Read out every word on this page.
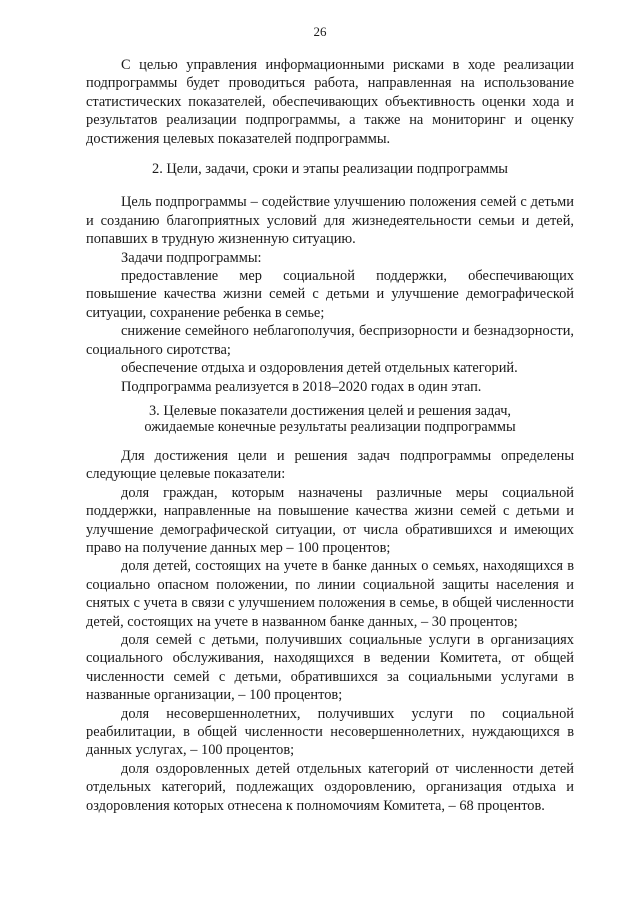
26

С целью управления информационными рисками в ходе реализации подпрограммы будет проводиться работа, направленная на использование статистических показателей, обеспечивающих объективность оценки хода и результатов реализации подпрограммы, а также на мониторинг и оценку достижения целевых показателей подпрограммы.

2. Цели, задачи, сроки и этапы реализации подпрограммы

Цель подпрограммы – содействие улучшению положения семей с детьми и созданию благоприятных условий для жизнедеятельности семьи и детей, попавших в трудную жизненную ситуацию.

Задачи подпрограммы:

предоставление мер социальной поддержки, обеспечивающих повышение качества жизни семей с детьми и улучшение демографической ситуации, сохранение ребенка в семье;

снижение семейного неблагополучия, беспризорности и безнадзорности, социального сиротства;

обеспечение отдыха и оздоровления детей отдельных категорий.

Подпрограмма реализуется в 2018–2020 годах в один этап.

3. Целевые показатели достижения целей и решения задач,
ожидаемые конечные результаты реализации подпрограммы

Для достижения цели и решения задач подпрограммы определены следующие целевые показатели:

доля граждан, которым назначены различные меры социальной поддержки, направленные на повышение качества жизни семей с детьми и улучшение демографической ситуации, от числа обратившихся и имеющих право на получение данных мер – 100 процентов;

доля детей, состоящих на учете в банке данных о семьях, находящихся в социально опасном положении, по линии социальной защиты населения и снятых с учета в связи с улучшением положения в семье, в общей численности детей, состоящих на учете в названном банке данных, – 30 процентов;

доля семей с детьми, получивших социальные услуги в организациях социального обслуживания, находящихся в ведении Комитета, от общей численности семей с детьми, обратившихся за социальными услугами в названные организации, – 100 процентов;

доля несовершеннолетних, получивших услуги по социальной реабилитации, в общей численности несовершеннолетних, нуждающихся в данных услугах, – 100 процентов;

доля оздоровленных детей отдельных категорий от численности детей отдельных категорий, подлежащих оздоровлению, организация отдыха и оздоровления которых отнесена к полномочиям Комитета, – 68 процентов.
